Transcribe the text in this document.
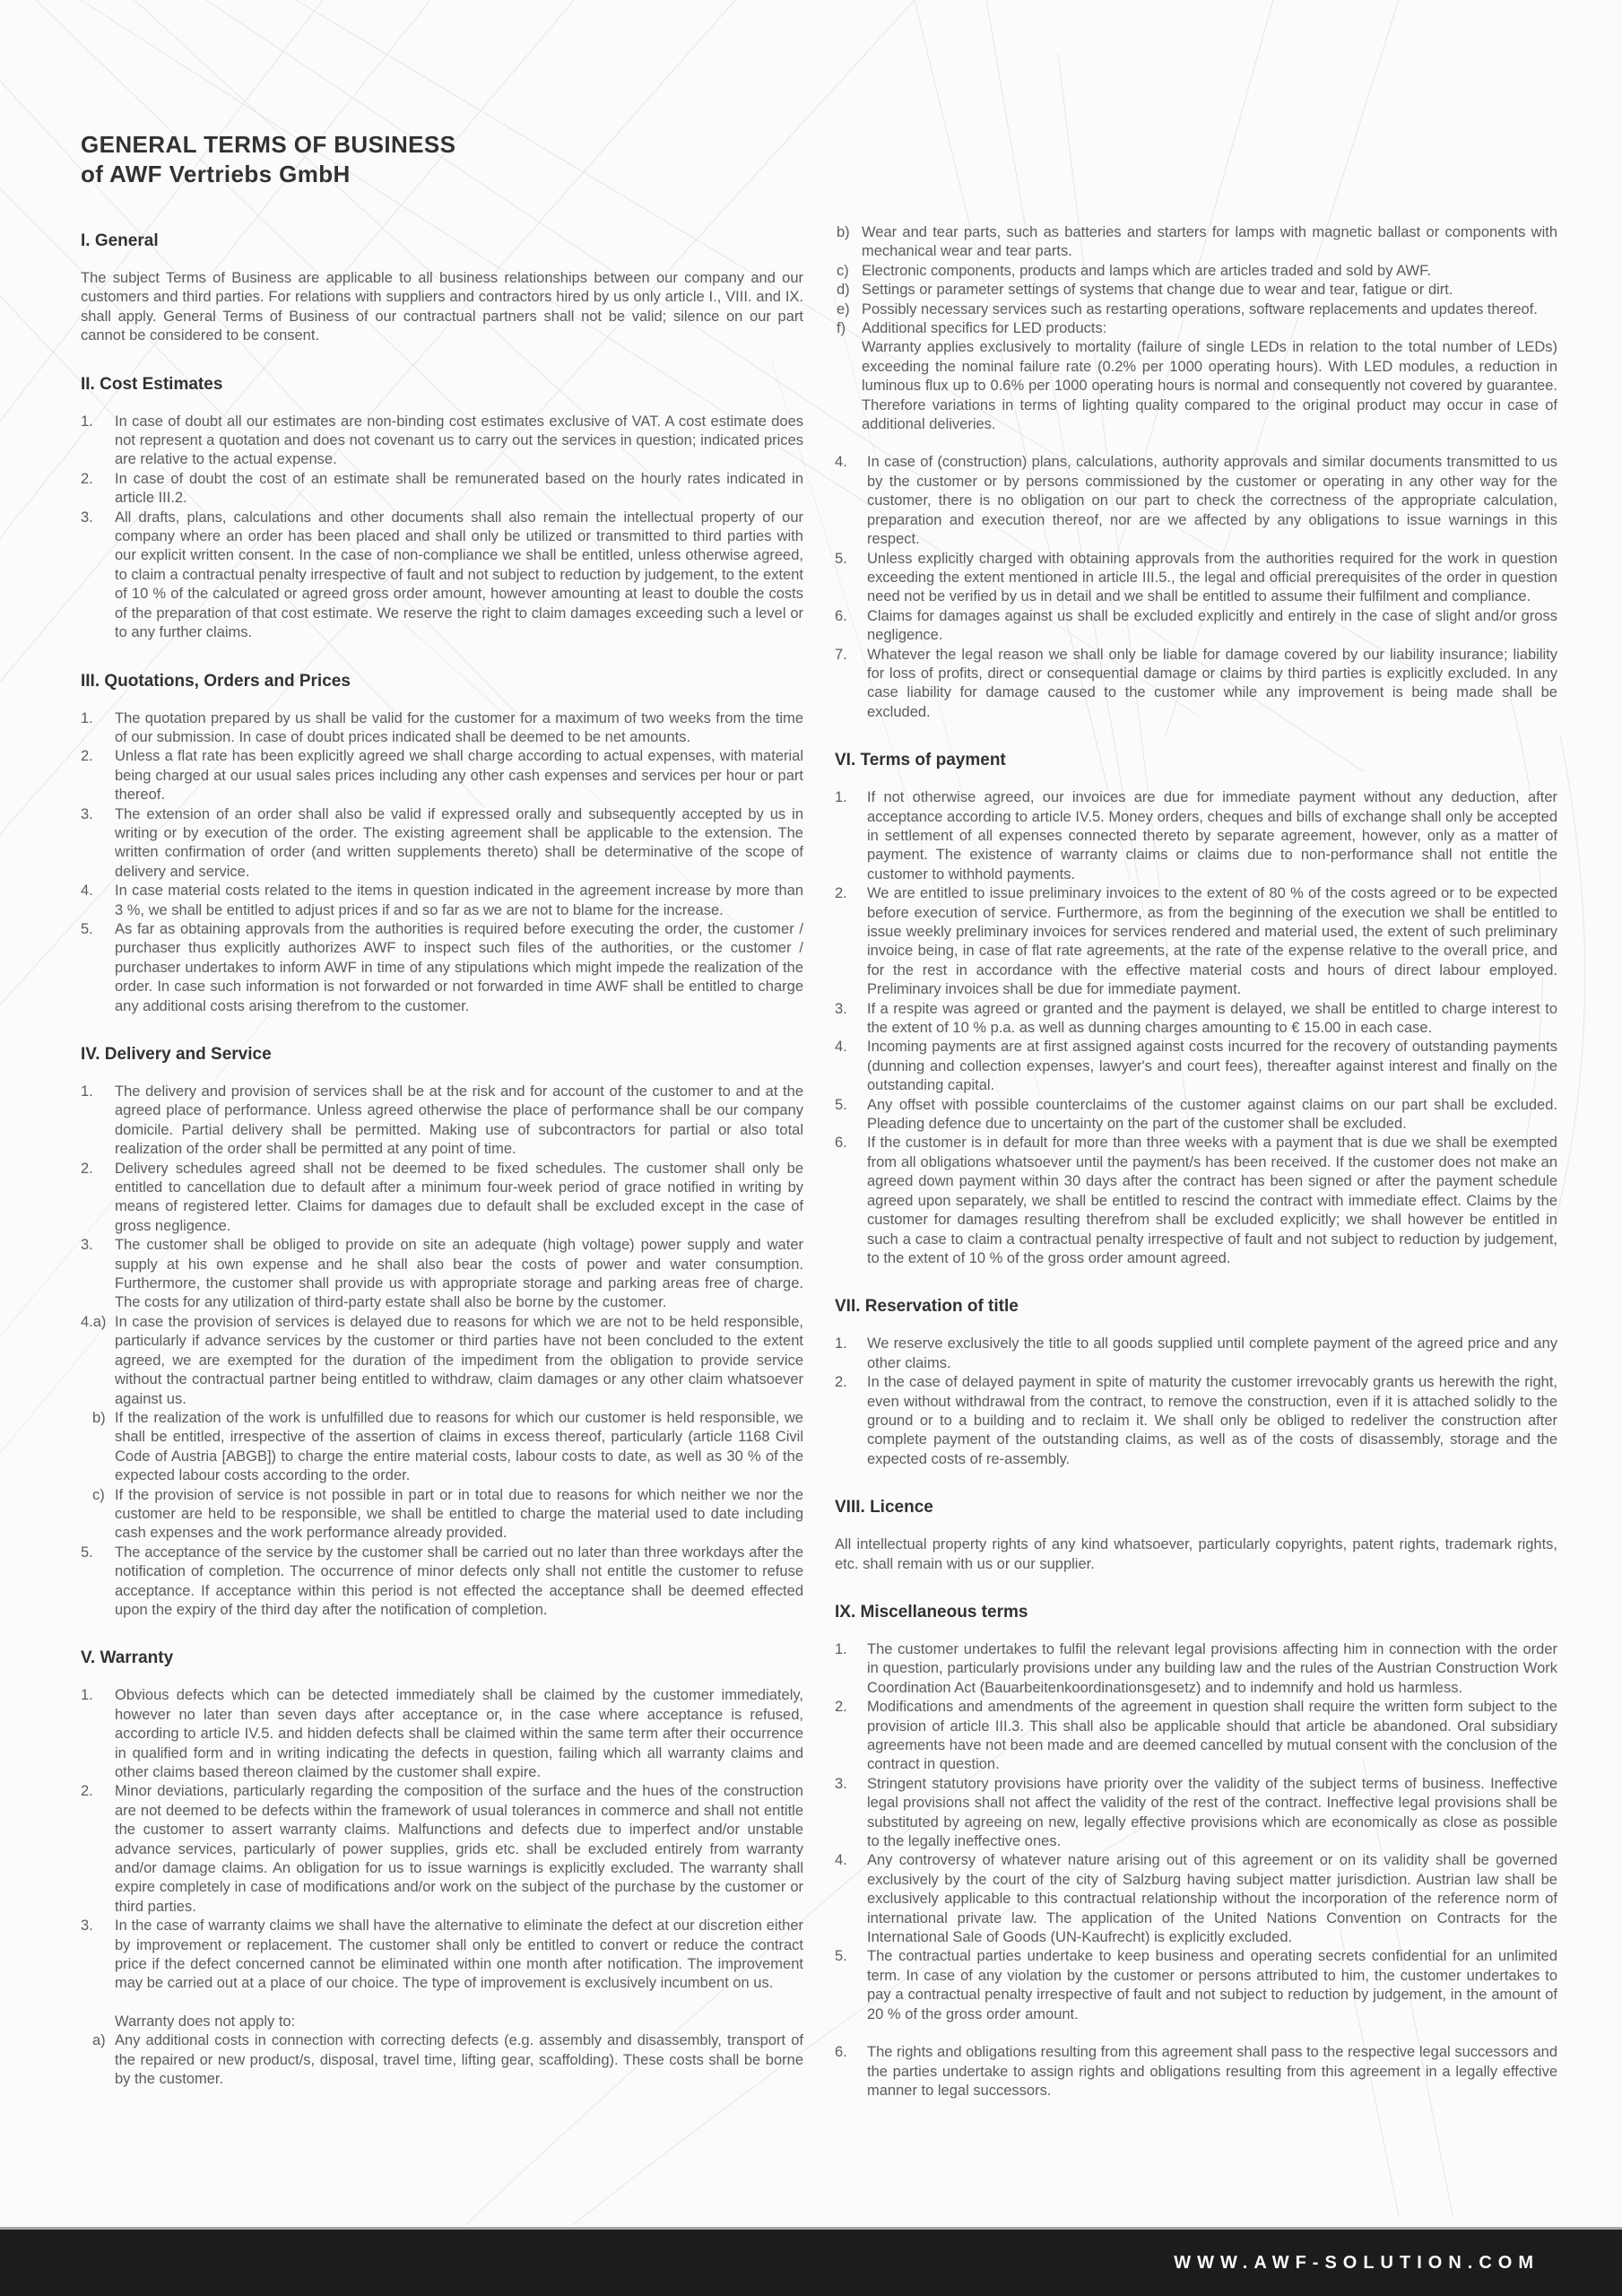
GENERAL TERMS OF BUSINESS
of AWF Vertriebs GmbH
I. General

The subject Terms of Business are applicable to all business relationships between our company and our customers and third parties. For relations with suppliers and contractors hired by us only article I., VIII. and IX. shall apply. General Terms of Business of our contractual partners shall not be valid; silence on our part cannot be considered to be consent.

II. Cost Estimates
1.	In case of doubt all our estimates are non-binding cost estimates exclusive of VAT. A cost estimate does not represent a quotation and does not covenant us to carry out the services in question; indicated prices are relative to the actual expense.
2.	In case of doubt the cost of an estimate shall be remunerated based on the hourly rates indicated in article III.2.
3.	All drafts, plans, calculations and other documents shall also remain the intellectual property of our company where an order has been placed and shall only be utilized or transmitted to third parties with our explicit written consent. In the case of non-compliance we shall be entitled, unless otherwise agreed, to claim a contractual penalty irrespective of fault and not subject to reduction by judgement, to the extent of 10 % of the calculated or agreed gross order amount, however amounting at least to double the costs of the preparation of that cost estimate. We reserve the right to claim damages exceeding such a level or to any further claims.
III. Quotations, Orders and Prices
1.	The quotation prepared by us shall be valid for the customer for a maximum of two weeks from the time of our submission. In case of doubt prices indicated shall be deemed to be net amounts.
2.	Unless a flat rate has been explicitly agreed we shall charge according to actual expenses, with material being charged at our usual sales prices including any other cash expenses and services per hour or part thereof.
3.	The extension of an order shall also be valid if expressed orally and subsequently accepted by us in writing or by execution of the order. The existing agreement shall be applicable to the extension. The written confirmation of order (and written supplements thereto) shall be determinative of the scope of delivery and service.
4.	In case material costs related to the items in question indicated in the agreement increase by more than 3 %, we shall be entitled to adjust prices if and so far as we are not to blame for the increase.
5.	As far as obtaining approvals from the authorities is required before executing the order, the customer / purchaser thus explicitly authorizes AWF to inspect such files of the authorities, or the customer / purchaser undertakes to inform AWF in time of any stipulations which might impede the realization of the order. In case such information is not forwarded or not forwarded in time AWF shall be entitled to charge any additional costs arising therefrom to the customer.
IV. Delivery and Service
1.	The delivery and provision of services shall be at the risk and for account of the customer to and at the agreed place of performance. Unless agreed otherwise the place of performance shall be our company domicile. Partial delivery shall be permitted. Making use of subcontractors for partial or also total realization of the order shall be permitted at any point of time.
2.	Delivery schedules agreed shall not be deemed to be fixed schedules. The customer shall only be entitled to cancellation due to default after a minimum four-week period of grace notified in writing by means of registered letter. Claims for damages due to default shall be excluded except in the case of gross negligence.
3.	The customer shall be obliged to provide on site an adequate (high voltage) power supply and water supply at his own expense and he shall also bear the costs of power and water consumption. Furthermore, the customer shall provide us with appropriate storage and parking areas free of charge. The costs for any utilization of third-party estate shall also be borne by the customer.
4.a) In case the provision of services is delayed due to reasons for which we are not to be held responsible, particularly if advance services by the customer or third parties have not been concluded to the extent agreed, we are exempted for the duration of the impediment from the obligation to provide service without the contractual partner being entitled to withdraw, claim damages or any other claim whatsoever against us.
b) If the realization of the work is unfulfilled due to reasons for which our customer is held responsible, we shall be entitled, irrespective of the assertion of claims in excess thereof, particularly (article 1168 Civil Code of Austria [ABGB]) to charge the entire material costs, labour costs to date, as well as 30 % of the expected labour costs according to the order.
c) If the provision of service is not possible in part or in total due to reasons for which neither we nor the customer are held to be responsible, we shall be entitled to charge the material used to date including cash expenses and the work performance already provided.
5.	The acceptance of the service by the customer shall be carried out no later than three workdays after the notification of completion. The occurrence of minor defects only shall not entitle the customer to refuse acceptance. If acceptance within this period is not effected the acceptance shall be deemed effected upon the expiry of the third day after the notification of completion.
V. Warranty
1.	Obvious defects which can be detected immediately shall be claimed by the customer immediately, however no later than seven days after acceptance or, in the case where acceptance is refused, according to article IV.5. and hidden defects shall be claimed within the same term after their occurrence in qualified form and in writing indicating the defects in question, failing which all warranty claims and other claims based thereon claimed by the customer shall expire.
2.	Minor deviations, particularly regarding the composition of the surface and the hues of the construction are not deemed to be defects within the framework of usual tolerances in commerce and shall not entitle the customer to assert warranty claims. Malfunctions and defects due to imperfect and/or unstable advance services, particularly of power supplies, grids etc. shall be excluded entirely from warranty and/or damage claims. An obligation for us to issue warnings is explicitly excluded. The warranty shall expire completely in case of modifications and/or work on the subject of the purchase by the customer or third parties.
3.	In the case of warranty claims we shall have the alternative to eliminate the defect at our discretion either by improvement or replacement. The customer shall only be entitled to convert or reduce the contract price if the defect concerned cannot be eliminated within one month after notification. The improvement may be carried out at a place of our choice. The type of improvement is exclusively incumbent on us.

Warranty does not apply to:

a) Any additional costs in connection with correcting defects (e.g. assembly and disassembly, transport of the repaired or new product/s, disposal, travel time, lifting gear, scaffolding). These costs shall be borne by the customer.
b) Wear and tear parts, such as batteries and starters for lamps with magnetic ballast or components with mechanical wear and tear parts.
c) Electronic components, products and lamps which are articles traded and sold by AWF.
d) Settings or parameter settings of systems that change due to wear and tear, fatigue or dirt.
e) Possibly necessary services such as restarting operations, software replacements and updates thereof.
f)	Additional specifics for LED products:

Warranty applies exclusively to mortality (failure of single LEDs in relation to the total number of LEDs) exceeding the nominal failure rate (0.2% per 1000 operating hours). With LED modules, a reduction in luminous flux up to 0.6% per 1000 operating hours is normal and consequently not covered by guarantee. Therefore variations in terms of lighting quality compared to the original product may occur in case of additional deliveries.

4.	In case of (construction) plans, calculations, authority approvals and similar documents transmitted to us by the customer or by persons commissioned by the customer or operating in any other way for the customer, there is no obligation on our part to check the correctness of the appropriate calculation, preparation and execution thereof, nor are we affected by any obligations to issue warnings in this respect.
5.	Unless explicitly charged with obtaining approvals from the authorities required for the work in question exceeding the extent mentioned in article III.5., the legal and official prerequisites of the order in question need not be verified by us in detail and we shall be entitled to assume their fulfilment and compliance.
6.	Claims for damages against us shall be excluded explicitly and entirely in the case of slight and/or gross negligence.
7.	Whatever the legal reason we shall only be liable for damage covered by our liability insurance; liability for loss of profits, direct or consequential damage or claims by third parties is explicitly excluded. In any case liability for damage caused to the customer while any improvement is being made shall be excluded.
VI. Terms of payment
1.	If not otherwise agreed, our invoices are due for immediate payment without any deduction, after acceptance according to article IV.5. Money orders, cheques and bills of exchange shall only be accepted in settlement of all expenses connected thereto by separate agreement, however, only as a matter of payment. The existence of warranty claims or claims due to non-performance shall not entitle the customer to withhold payments.
2.	We are entitled to issue preliminary invoices to the extent of 80 % of the costs agreed or to be expected before execution of service. Furthermore, as from the beginning of the execution we shall be entitled to issue weekly preliminary invoices for services rendered and material used, the extent of such preliminary invoice being, in case of flat rate agreements, at the rate of the expense relative to the overall price, and for the rest in accordance with the effective material costs and hours of direct labour employed. Preliminary invoices shall be due for immediate payment.
3.	If a respite was agreed or granted and the payment is delayed, we shall be entitled to charge interest to the extent of 10 % p.a. as well as dunning charges amounting to € 15.00 in each case.
4.	Incoming payments are at first assigned against costs incurred for the recovery of outstanding payments (dunning and collection expenses, lawyer's and court fees), thereafter against interest and finally on the outstanding capital.
5.	Any offset with possible counterclaims of the customer against claims on our part shall be excluded. Pleading defence due to uncertainty on the part of the customer shall be excluded.
6.	If the customer is in default for more than three weeks with a payment that is due we shall be exempted from all obligations whatsoever until the payment/s has been received. If the customer does not make an agreed down payment within 30 days after the contract has been signed or after the payment schedule agreed upon separately, we shall be entitled to rescind the contract with immediate effect. Claims by the customer for damages resulting therefrom shall be excluded explicitly; we shall however be entitled in such a case to claim a contractual penalty irrespective of fault and not subject to reduction by judgement, to the extent of 10 % of the gross order amount agreed.
VII. Reservation of title
1.	We reserve exclusively the title to all goods supplied until complete payment of the agreed price and any other claims.
2.	In the case of delayed payment in spite of maturity the customer irrevocably grants us herewith the right, even without withdrawal from the contract, to remove the construction, even if it is attached solidly to the ground or to a building and to reclaim it. We shall only be obliged to redeliver the construction after complete payment of the outstanding claims, as well as of the costs of disassembly, storage and the expected costs of re-assembly.
VIII. Licence

All intellectual property rights of any kind whatsoever, particularly copyrights, patent rights, trademark rights, etc. shall remain with us or our supplier.

IX. Miscellaneous terms
1.	The customer undertakes to fulfil the relevant legal provisions affecting him in connection with the order in question, particularly provisions under any building law and the rules of the Austrian Construction Work Coordination Act (Bauarbeitenkoordinationsgesetz) and to indemnify and hold us harmless.
2.	Modifications and amendments of the agreement in question shall require the written form subject to the provision of article III.3. This shall also be applicable should that article be abandoned. Oral subsidiary agreements have not been made and are deemed cancelled by mutual consent with the conclusion of the contract in question.
3.	Stringent statutory provisions have priority over the validity of the subject terms of business. Ineffective legal provisions shall not affect the validity of the rest of the contract. Ineffective legal provisions shall be substituted by agreeing on new, legally effective provisions which are economically as close as possible to the legally ineffective ones.
4.	Any controversy of whatever nature arising out of this agreement or on its validity shall be governed exclusively by the court of the city of Salzburg having subject matter jurisdiction. Austrian law shall be exclusively applicable to this contractual relationship without the incorporation of the reference norm of international private law. The application of the United Nations Convention on Contracts for the International Sale of Goods (UN-Kaufrecht) is explicitly excluded.
5.	The contractual parties undertake to keep business and operating secrets confidential for an unlimited term. In case of any violation by the customer or persons attributed to him, the customer undertakes to pay a contractual penalty irrespective of fault and not subject to reduction by judgement, in the amount of 20 % of the gross order amount.
6.	The rights and obligations resulting from this agreement shall pass to the respective legal successors and the parties undertake to assign rights and obligations resulting from this agreement in a legally effective manner to legal successors.
WWW.AWF-SOLUTION.COM
